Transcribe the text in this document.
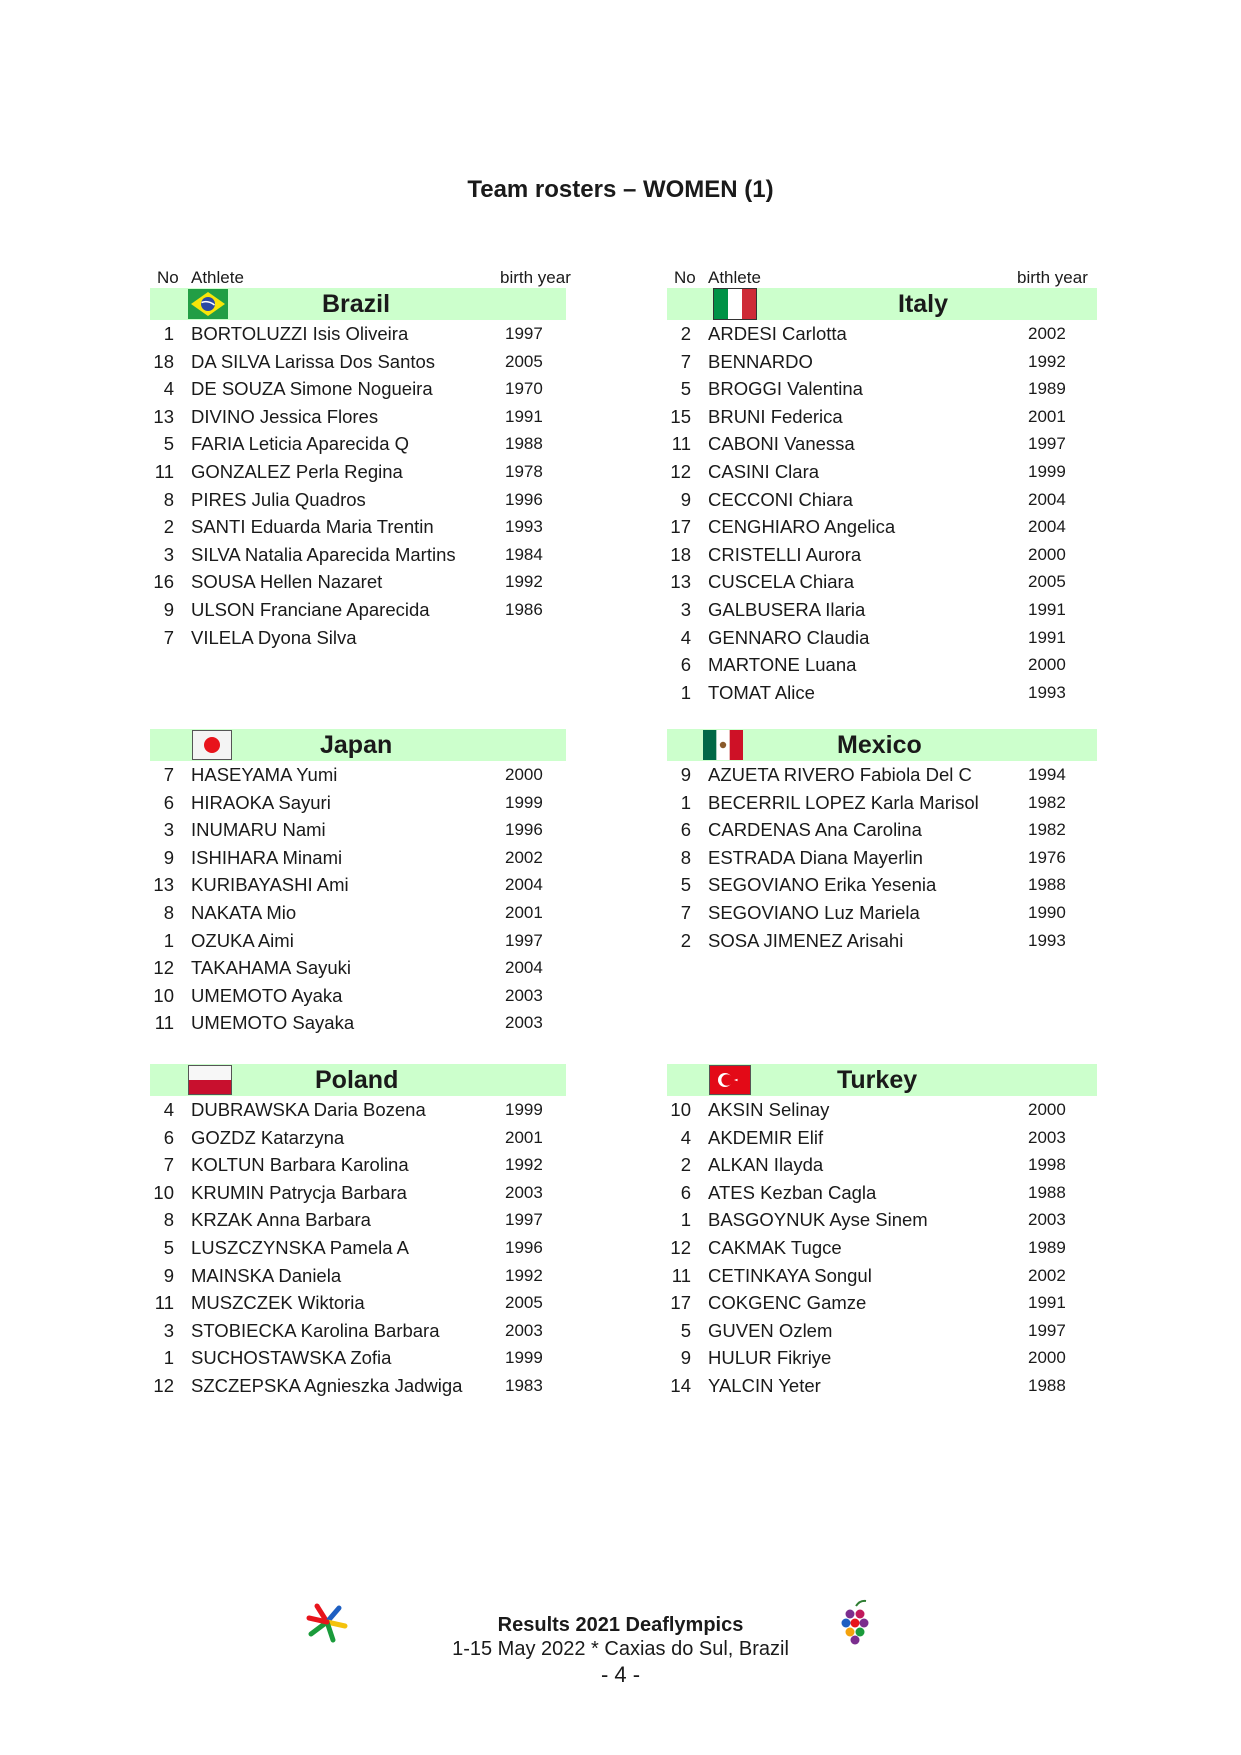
Team rosters – WOMEN (1)
No Athlete	birth year	No Athlete	birth year
Brazil
1 BORTOLUZZI Isis Oliveira	1997
18 DA SILVA Larissa Dos Santos	2005
4 DE SOUZA Simone Nogueira	1970
13 DIVINO Jessica Flores	1991
5 FARIA Leticia Aparecida Q	1988
11 GONZALEZ Perla Regina	1978
8 PIRES Julia Quadros	1996
2 SANTI Eduarda Maria Trentin	1993
3 SILVA Natalia Aparecida Martins	1984
16 SOUSA Hellen Nazaret	1992
9 ULSON Franciane Aparecida	1986
7 VILELA Dyona Silva
Italy
2 ARDESI Carlotta	2002
7 BENNARDO	1992
5 BROGGI Valentina	1989
15 BRUNI Federica	2001
11 CABONI Vanessa	1997
12 CASINI Clara	1999
9 CECCONI Chiara	2004
17 CENGHIARO Angelica	2004
18 CRISTELLI Aurora	2000
13 CUSCELA Chiara	2005
3 GALBUSERA Ilaria	1991
4 GENNARO Claudia	1991
6 MARTONE Luana	2000
1 TOMAT Alice	1993
Japan
7 HASEYAMA Yumi	2000
6 HIRAOKA Sayuri	1999
3 INUMARU Nami	1996
9 ISHIHARA Minami	2002
13 KURIBAYASHI Ami	2004
8 NAKATA Mio	2001
1 OZUKA Aimi	1997
12 TAKAHAMA Sayuki	2004
10 UMEMOTO Ayaka	2003
11 UMEMOTO Sayaka	2003
Mexico
9 AZUETA RIVERO Fabiola Del C	1994
1 BECERRIL LOPEZ Karla Marisol	1982
6 CARDENAS Ana Carolina	1982
8 ESTRADA Diana Mayerlin	1976
5 SEGOVIANO Erika Yesenia	1988
7 SEGOVIANO Luz Mariela	1990
2 SOSA JIMENEZ Arisahi	1993
Poland
4 DUBRAWSKA Daria Bozena	1999
6 GOZDZ Katarzyna	2001
7 KOLTUN Barbara Karolina	1992
10 KRUMIN Patrycja Barbara	2003
8 KRZAK Anna Barbara	1997
5 LUSZCZYNSKA Pamela A	1996
9 MAINSKA Daniela	1992
11 MUSZCZEK Wiktoria	2005
3 STOBIECKA Karolina Barbara	2003
1 SUCHOSTAWSKA Zofia	1999
12 SZCZEPSKA Agnieszka Jadwiga	1983
Turkey
10 AKSIN Selinay	2000
4 AKDEMIR Elif	2003
2 ALKAN Ilayda	1998
6 ATES Kezban Cagla	1988
1 BASGOYNUK Ayse Sinem	2003
12 CAKMAK Tugce	1989
11 CETINKAYA Songul	2002
17 COKGENC Gamze	1991
5 GUVEN Ozlem	1997
9 HULUR Fikriye	2000
14 YALCIN Yeter	1988
Results 2021 Deaflympics
1-15 May 2022 * Caxias do Sul, Brazil
- 4 -
